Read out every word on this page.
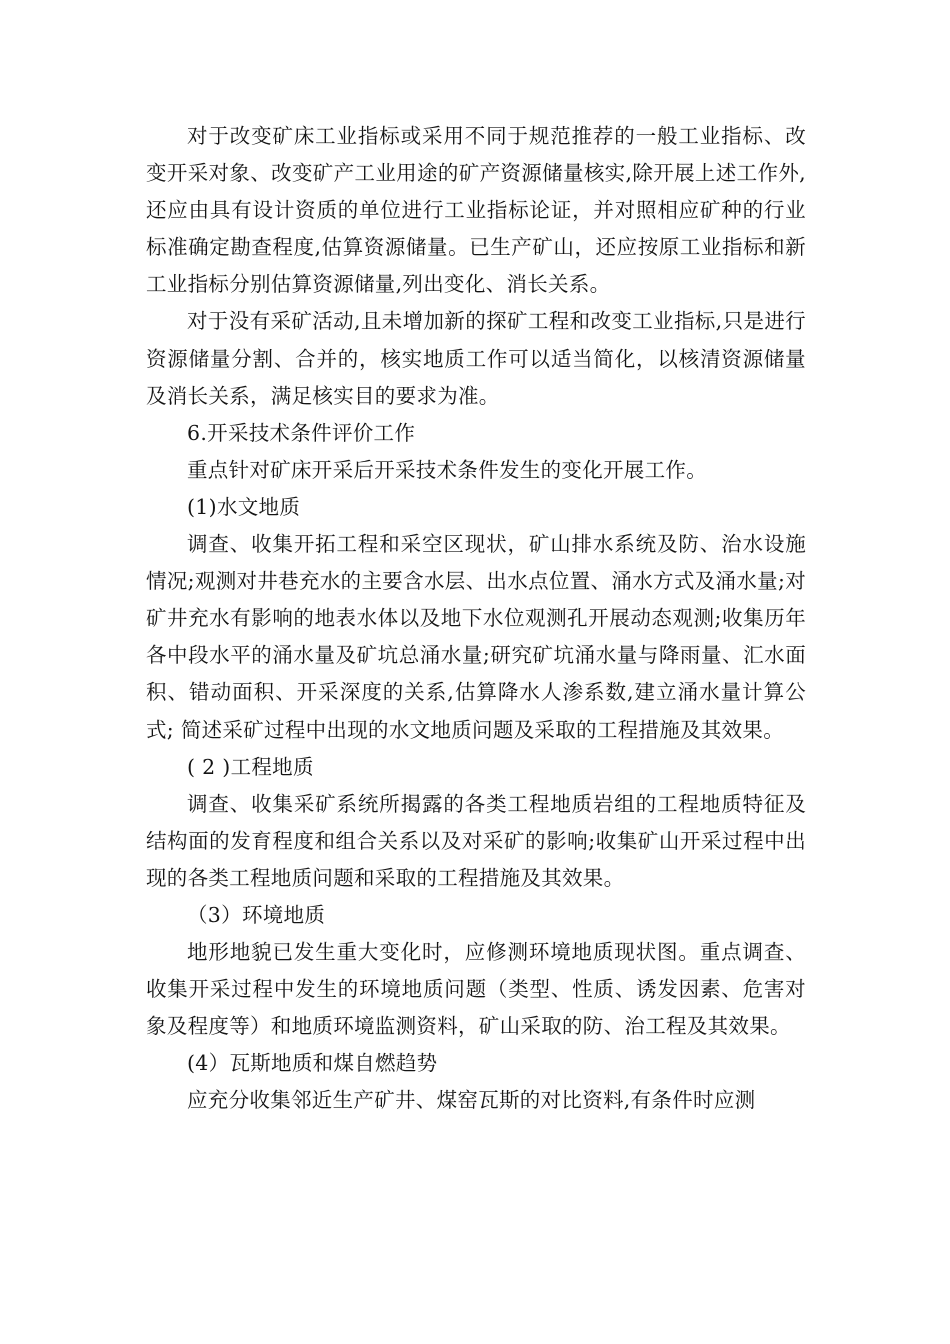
对于改变矿床工业指标或采用不同于规范推荐的一般工业指标、改变开采对象、改变矿产工业用途的矿产资源储量核实,除开展上述工作外,还应由具有设计资质的单位进行工业指标论证，并对照相应矿种的行业标准确定勘查程度,估算资源储量。已生产矿山，还应按原工业指标和新工业指标分别估算资源储量,列出变化、消长关系。

对于没有采矿活动,且未增加新的探矿工程和改变工业指标,只是进行资源储量分割、合并的，核实地质工作可以适当简化，以核清资源储量及消长关系，满足核实目的要求为准。

6.开采技术条件评价工作

重点针对矿床开采后开采技术条件发生的变化开展工作。

(1)水文地质

调查、收集开拓工程和采空区现状，矿山排水系统及防、治水设施情况;观测对井巷充水的主要含水层、出水点位置、涌水方式及涌水量;对矿井充水有影响的地表水体以及地下水位观测孔开展动态观测;收集历年各中段水平的涌水量及矿坑总涌水量;研究矿坑涌水量与降雨量、汇水面积、错动面积、开采深度的关系,估算降水人渗系数,建立涌水量计算公式; 简述采矿过程中出现的水文地质问题及采取的工程措施及其效果。

( 2 )工程地质

调查、收集采矿系统所揭露的各类工程地质岩组的工程地质特征及结构面的发育程度和组合关系以及对采矿的影响;收集矿山开采过程中出现的各类工程地质问题和采取的工程措施及其效果。

（3）环境地质

地形地貌已发生重大变化时，应修测环境地质现状图。重点调查、收集开采过程中发生的环境地质问题（类型、性质、诱发因素、危害对象及程度等）和地质环境监测资料，矿山采取的防、治工程及其效果。

(4）瓦斯地质和煤自燃趋势

应充分收集邻近生产矿井、煤窑瓦斯的对比资料,有条件时应测
